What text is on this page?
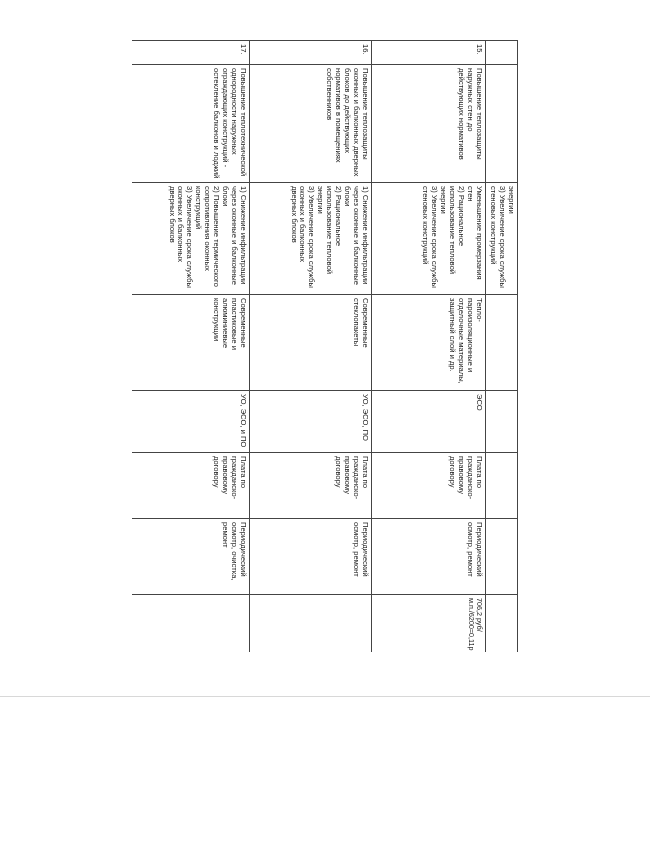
		энергии
3) Увеличение срока службы стеновых конструкций					
15.	Повышение теплозащиты наружных стен до действующих нормативов	Уменьшение промерзания стен
2) Рациональное использование тепловой энергии
3) Увеличение срока службы стеновых конструкций	Тепло-пароизоляционные и отделочные материалы, защитный слой и др.	ЭСО	Плата по гражданско-правовому договору	Периодический осмотр, ремонт	706,2 руб/м.п./6200=0,11р
16.	Повышение теплозащиты оконных и балконных дверных блоков до действующих нормативов в помещениях собственников	1) Снижение инфильтрации через оконные и балконные блоки
2) Рациональное использование тепловой энергии
3) Увеличение срока службы оконных и балконных дверных блоков	Современные стеклопакеты	УО, ЭСО, ПО	Плата по гражданско-правовому договору	Периодический осмотр, ремонт	
17.	Повышение теплотехнической однородности наружных ограждающих конструкций - остекление балконов и лоджий	1) Снижение инфильтрации через оконные и балконные блоки
2) Повышение термического сопротивления оконных конструкций
3) Увеличение срока службы оконных и балконных дверных блоков	Современные пластиковые и алюминиевые конструкции	УО, ЭСО, и ПО	Плата по гражданско-правовому договору	Периодический осмотр, очистка, ремонт	
